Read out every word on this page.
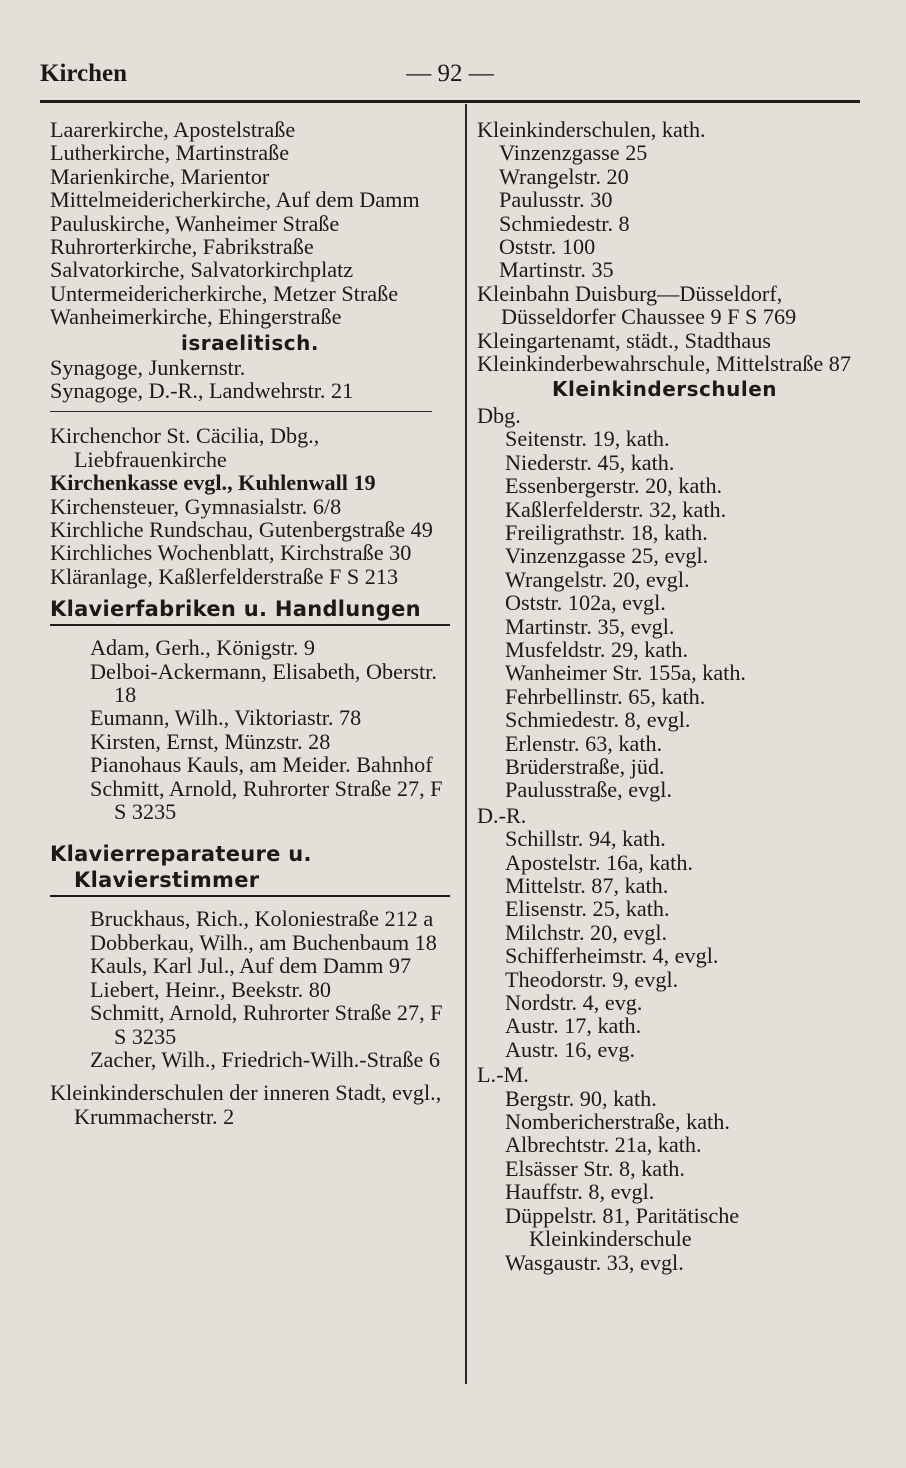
Kirchen	— 92 —
Laarerkirche, Apostelstraße
Lutherkirche, Martinstraße
Marienkirche, Marientor
Mittelmeidericherkirche, Auf dem Damm
Pauluskirche, Wanheimer Straße
Ruhrorterkirche, Fabrikstraße
Salvatorkirche, Salvatorkirchplatz
Untermeidericherkirche, Metzer Straße
Wanheimerkirche, Ehingerstraße
israelitisch.
Synagoge, Junkernstr.
Synagoge, D.-R., Landwehrstr. 21
Kirchenchor St. Cäcilia, Dbg., Liebfrauenkirche
Kirchenkasse evgl., Kuhlenwall 19
Kirchensteuer, Gymnasialstr. 6/8
Kirchliche Rundschau, Gutenbergstraße 49
Kirchliches Wochenblatt, Kirchstraße 30
Kläranlage, Kaßlerfelderstraße F S 213
Klavierfabriken u. Handlungen
Adam, Gerh., Königstr. 9
Delboi-Ackermann, Elisabeth, Oberstr. 18
Eumann, Wilh., Viktoriastr. 78
Kirsten, Ernst, Münzstr. 28
Pianohaus Kauls, am Meider. Bahnhof
Schmitt, Arnold, Ruhrorter Straße 27, F S 3235
Klavierreparateure u. Klavierstimmer
Bruckhaus, Rich., Koloniestraße 212 a
Dobberkau, Wilh., am Buchenbaum 18
Kauls, Karl Jul., Auf dem Damm 97
Liebert, Heinr., Beekstr. 80
Schmitt, Arnold, Ruhrorter Straße 27, F S 3235
Zacher, Wilh., Friedrich-Wilh.-Straße 6
Kleinkinderschulen der inneren Stadt, evgl., Krummacherstr. 2
Kleinkinderschulen, kath.
Vinzenzgasse 25
Wrangelstr. 20
Paulusstr. 30
Schmiedestr. 8
Oststr. 100
Martinstr. 35
Kleinbahn Duisburg—Düsseldorf, Düsseldorfer Chaussee 9 F S 769
Kleingartenamt, städt., Stadthaus
Kleinkinderbewahrschule, Mittelstraße 87
Kleinkinderschulen
Dbg.
Seitenstr. 19, kath.
Niederstr. 45, kath.
Essenbergerstr. 20, kath.
Kaßlerfelderstr. 32, kath.
Freiligrathstr. 18, kath.
Vinzenzgasse 25, evgl.
Wrangelstr. 20, evgl.
Oststr. 102a, evgl.
Martinstr. 35, evgl.
Musfeldstr. 29, kath.
Wanheimer Str. 155a, kath.
Fehrbellinstr. 65, kath.
Schmiedestr. 8, evgl.
Erlenstr. 63, kath.
Brüderstraße, jüd.
Paulusstraße, evgl.
D.-R.
Schillstr. 94, kath.
Apostelstr. 16a, kath.
Mittelstr. 87, kath.
Elisenstr. 25, kath.
Milchstr. 20, evgl.
Schifferheimstr. 4, evgl.
Theodorstr. 9, evgl.
Nordstr. 4, evg.
Austr. 17, kath.
Austr. 16, evg.
L.-M.
Bergstr. 90, kath.
Nombericherstraße, kath.
Albrechtstr. 21a, kath.
Elsässer Str. 8, kath.
Hauffstr. 8, evgl.
Düppelstr. 81, Paritätische Kleinkinderschule
Wasgaustr. 33, evgl.
